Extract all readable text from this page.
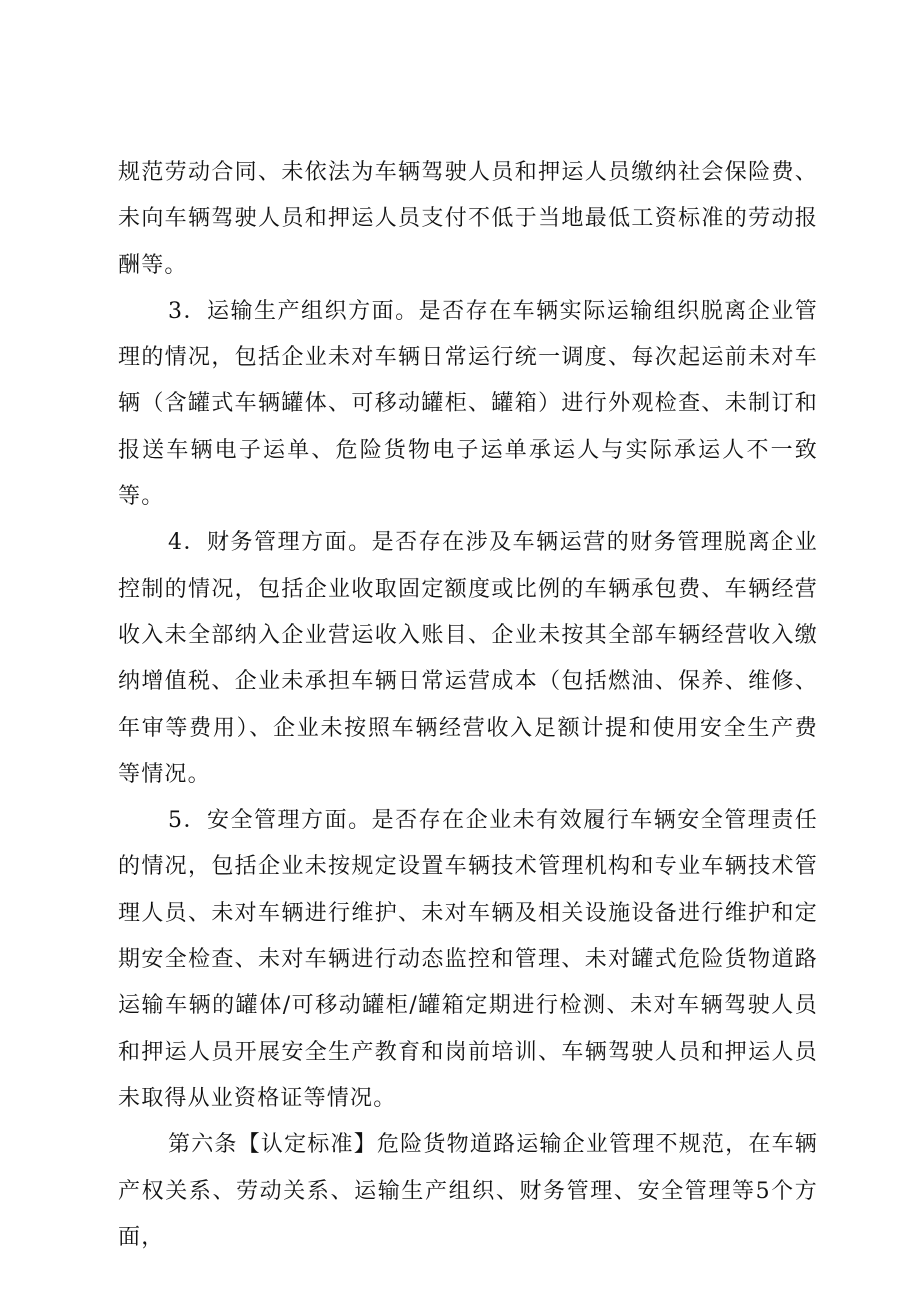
规范劳动合同、未依法为车辆驾驶人员和押运人员缴纳社会保险费、未向车辆驾驶人员和押运人员支付不低于当地最低工资标准的劳动报酬等。

3．运输生产组织方面。是否存在车辆实际运输组织脱离企业管理的情况，包括企业未对车辆日常运行统一调度、每次起运前未对车辆（含罐式车辆罐体、可移动罐柜、罐箱）进行外观检查、未制订和报送车辆电子运单、危险货物电子运单承运人与实际承运人不一致等。

4．财务管理方面。是否存在涉及车辆运营的财务管理脱离企业控制的情况，包括企业收取固定额度或比例的车辆承包费、车辆经营收入未全部纳入企业营运收入账目、企业未按其全部车辆经营收入缴纳增值税、企业未承担车辆日常运营成本（包括燃油、保养、维修、年审等费用）、企业未按照车辆经营收入足额计提和使用安全生产费等情况。

5．安全管理方面。是否存在企业未有效履行车辆安全管理责任的情况，包括企业未按规定设置车辆技术管理机构和专业车辆技术管理人员、未对车辆进行维护、未对车辆及相关设施设备进行维护和定期安全检查、未对车辆进行动态监控和管理、未对罐式危险货物道路运输车辆的罐体/可移动罐柜/罐箱定期进行检测、未对车辆驾驶人员和押运人员开展安全生产教育和岗前培训、车辆驾驶人员和押运人员未取得从业资格证等情况。

第六条【认定标准】危险货物道路运输企业管理不规范，在车辆产权关系、劳动关系、运输生产组织、财务管理、安全管理等5个方面，
